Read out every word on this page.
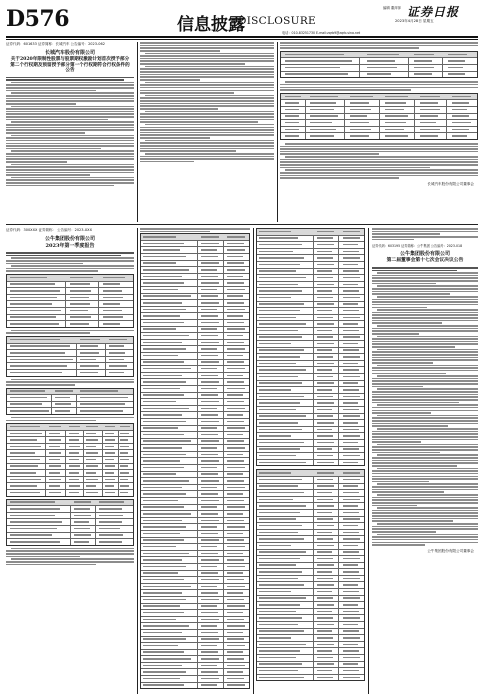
D576	信息披露
DISCLOSURE
编辑 董萍萍 证券日报
2023年4月28日 星期五
电话：010-83251730 E-mail:zqrb9@zqrb.sina.net
证券代码：601633 证券简称：长城汽车 公告编号：2023-062
长城汽车股份有限公司
关于2020年限制性股票与股票期权激励计划首次授予部分第二个行权期及预留授予部分第一个行权期符合行权条件的公告
长城汽车股份有限公司董事会
证券代码：300XXX 证券简称： 公告编号：2023-XXX
公牛集团股份有限公司
2023年第一季度报告	证券代码：603195 证券简称：公牛集团 公告编号：2023-018
公牛集团股份有限公司
第二届董事会第十七次会议决议公告
公牛集团股份有限公司董事会
